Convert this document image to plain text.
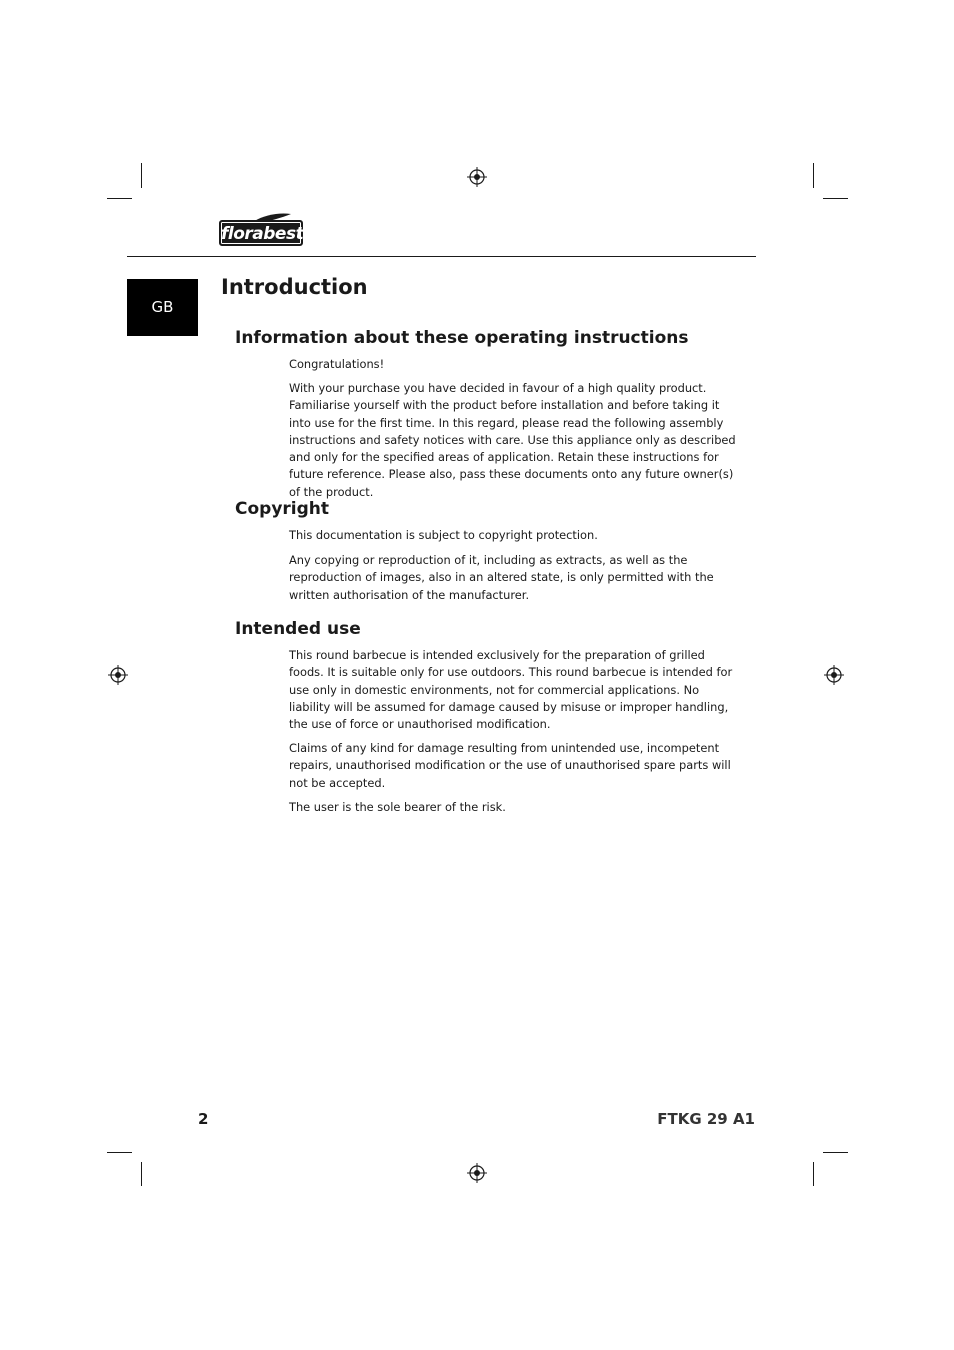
florabest
GB
Introduction
Information about these operating instructions

Congratulations!

With your purchase you have decided in favour of a high quality product. Familiarise yourself with the product before installation and before taking it into use for the first time. In this regard, please read the following assembly instructions and safety notices with care. Use this appliance only as described and only for the specified areas of application. Retain these instructions for future reference. Please also, pass these documents onto any future owner(s) of the product.

Copyright

This documentation is subject to copyright protection.

Any copying or reproduction of it, including as extracts, as well as the reproduction of images, also in an altered state, is only permitted with the written authorisation of the manufacturer.

Intended use

This round barbecue is intended exclusively for the preparation of grilled foods. It is suitable only for use outdoors. This round barbecue is intended for use only in domestic environments, not for commercial applications. No liability will be assumed for damage caused by misuse or improper handling, the use of force or unauthorised modification.

Claims of any kind for damage resulting from unintended use, incompetent repairs, unauthorised modification or the use of unauthorised spare parts will not be accepted.

The user is the sole bearer of the risk.

2	FTKG 29 A1
